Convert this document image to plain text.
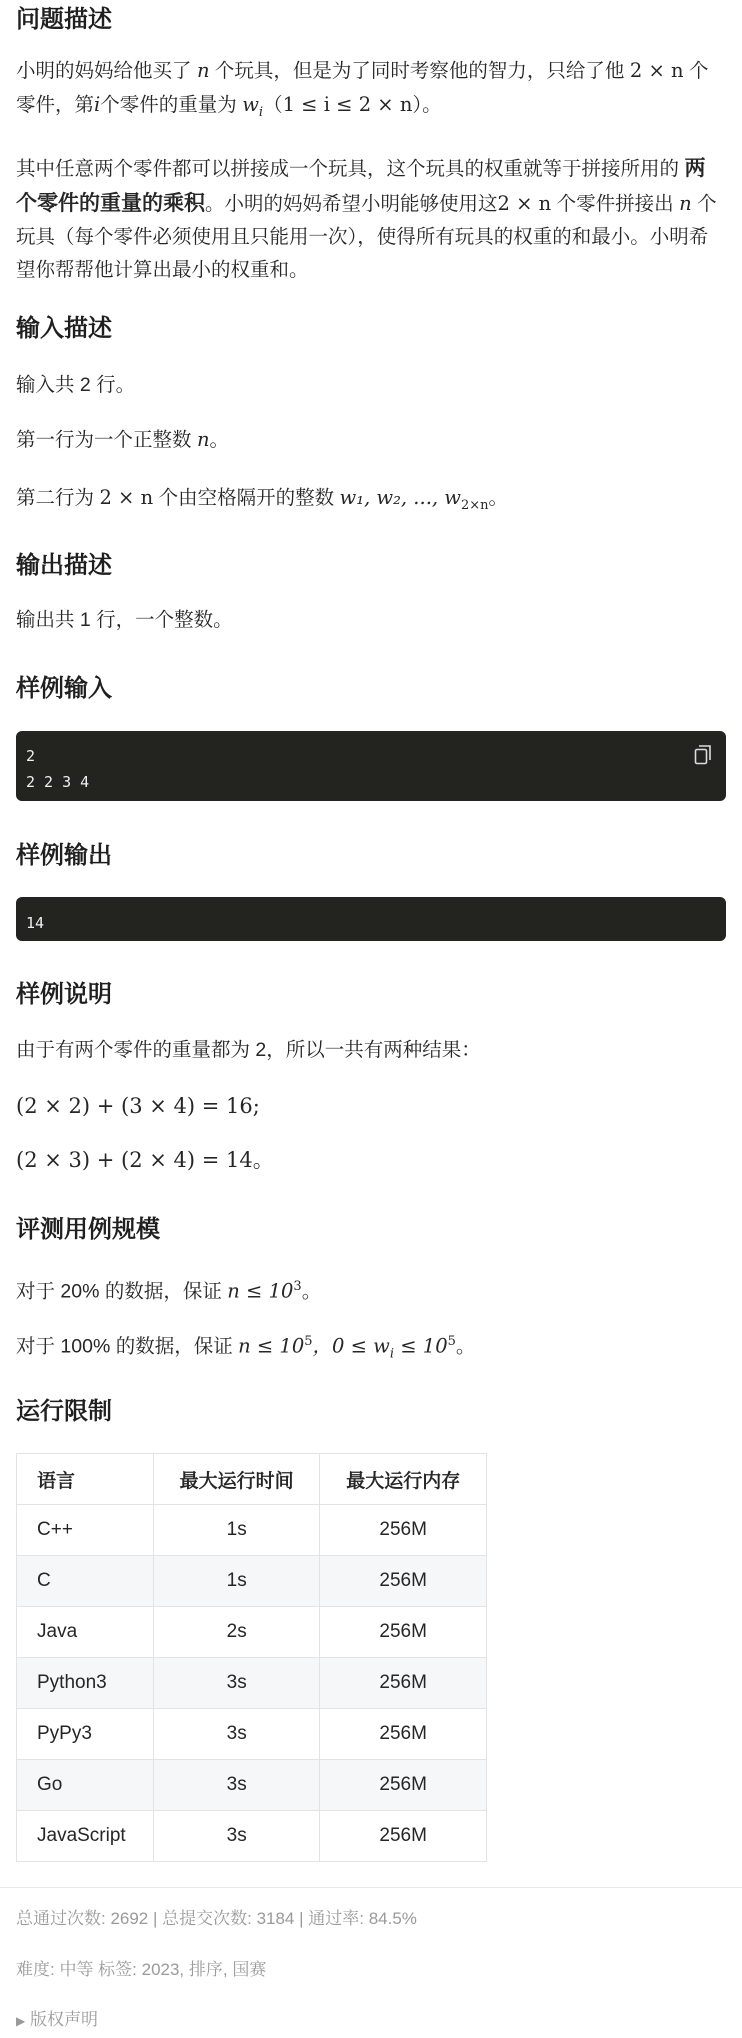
问题描述

小明的妈妈给他买了 n 个玩具，但是为了同时考察他的智力，只给了他 2 × n 个零件，第i个零件的重量为 $w_i(1 \le i \le 2 \times n)$。

其中任意两个零件都可以拼接成一个玩具，这个玩具的权重就等于拼接所用的 两个零件的重量的乘积。小明的妈妈希望小明能够使用这2 × n 个零件拼接出 n 个玩具（每个零件必须使用且只能用一次），使得所有玩具的权重的和最小。小明希望你帮帮他计算出最小的权重和。

输入描述

输入共 2 行。

第一行为一个正整数 n。

第二行为 2 × n 个由空格隔开的整数 w₁, w₂, ..., $w_{2\times n}$。

输出描述

输出共 1 行，一个整数。

样例输入
2
2 2 3 4

样例输出
14
样例说明

由于有两个零件的重量都为 2，所以一共有两种结果：

(2 × 2) + (3 × 4) = 16;

(2 × 3) + (2 × 4) = 14。

评测用例规模

对于 20% 的数据，保证 $n \le 10^3$。

对于 100% 的数据，保证 $n \le 10^5$，$0 \le w_i \le 10^5$。

运行限制
语言	最大运行时间	最大运行内存
C++	1s	256M
C	1s	256M
Java	2s	256M
Python3	3s	256M
PyPy3	3s	256M
Go	3s	256M
JavaScript	3s	256M
总通过次数: 2692 | 总提交次数: 3184 | 通过率: 84.5%
难度: 中等 标签: 2023, 排序, 国赛
▶ 版权声明
